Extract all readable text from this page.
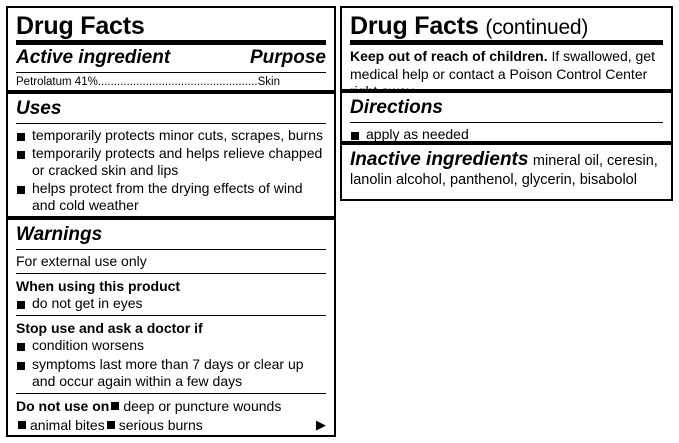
Drug Facts
Active ingredient	Purpose
Petrolatum 41%..................................................Skin
Uses
temporarily protects minor cuts, scrapes, burns
temporarily protects and helps relieve chapped or cracked skin and lips
helps protect from the drying effects of wind and cold weather
Warnings
For external use only
When using this product
do not get in eyes
Stop use and ask a doctor if
condition worsens
symptoms last more than 7 days or clear up and occur again within a few days
Do not use on deep or puncture wounds
animal bites serious burns	▶
Drug Facts (continued)
Keep out of reach of children. If swallowed, get medical help or contact a Poison Control Center
Directions
apply as needed
Inactive ingredients mineral oil, ceresin, lanolin alcohol, panthenol, glycerin, bisabolol
